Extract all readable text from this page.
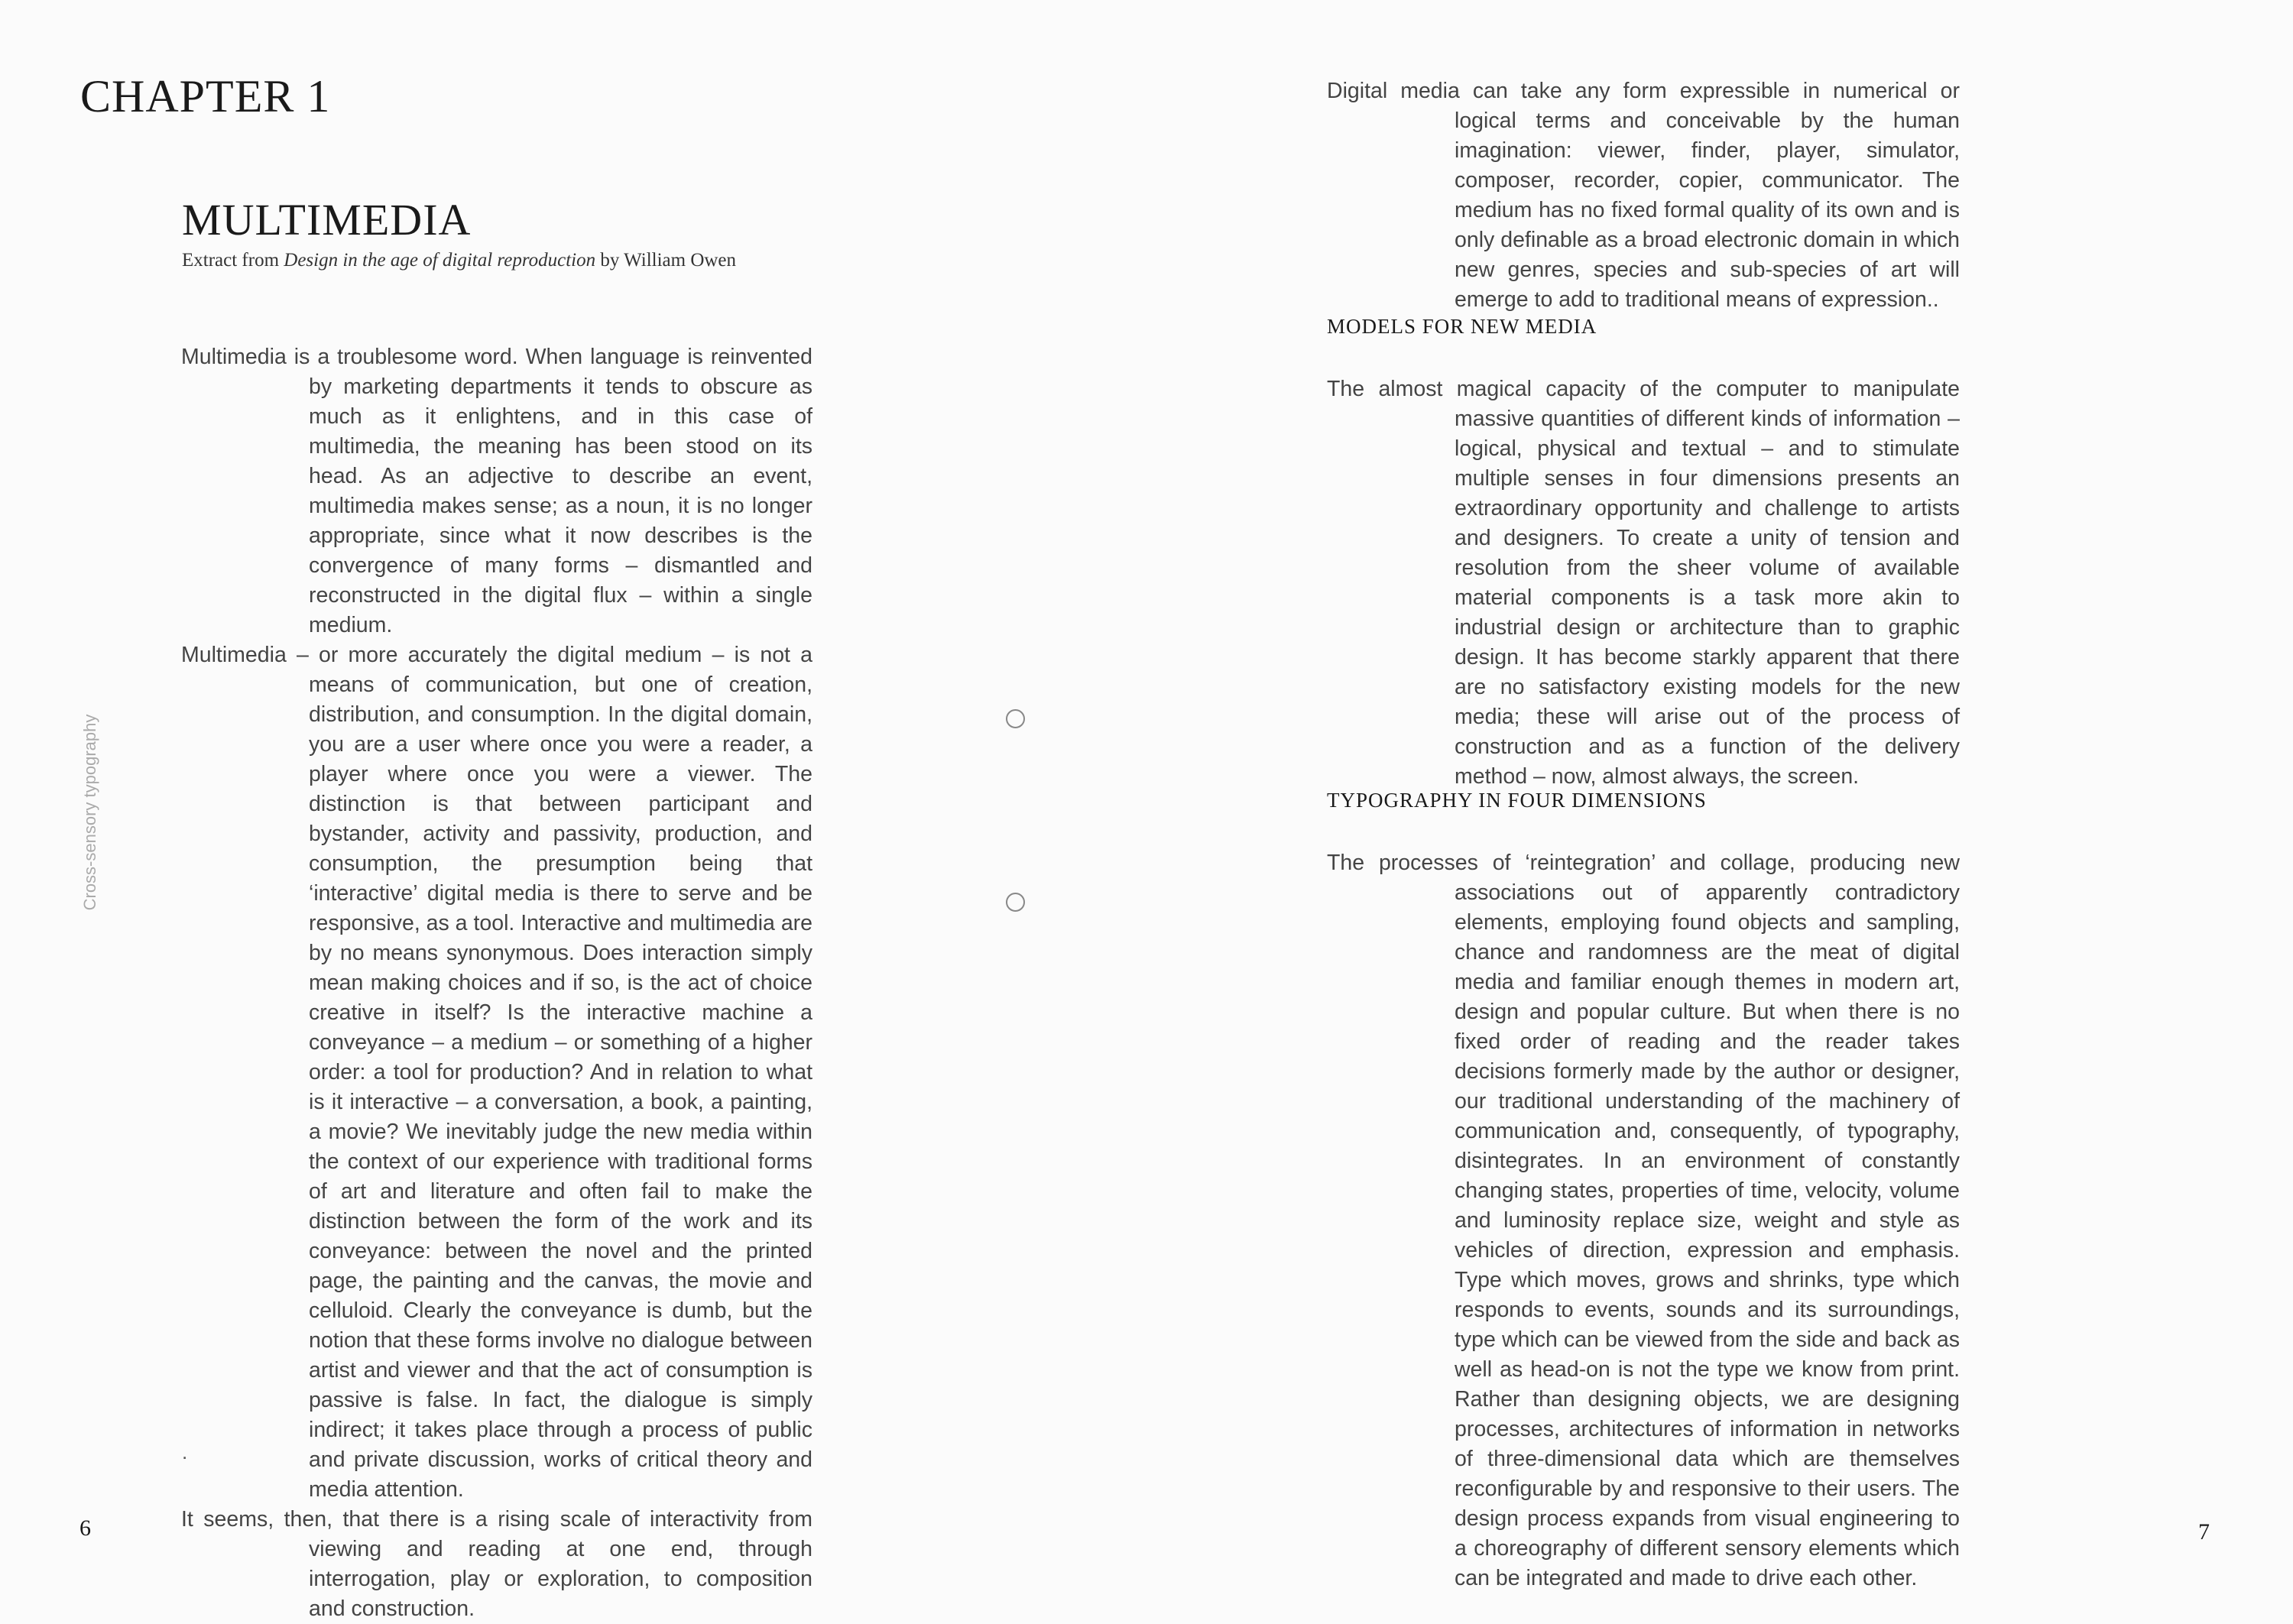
CHAPTER 1
MULTIMEDIA
Extract from Design in the age of digital reproduction by William Owen

Multimedia is a troublesome word. When language is reinvented by marketing departments it tends to obscure as much as it enlightens, and in this case of multimedia, the meaning has been stood on its head. As an adjective to describe an event, multimedia makes sense; as a noun, it is no longer appropriate, since what it now describes is the convergence of many forms – dismantled and reconstructed in the digital flux – within a single medium.

Multimedia – or more accurately the digital medium – is not a means of communication, but one of creation, distribution, and consumption. In the digital domain, you are a user where once you were a reader, a player where once you were a viewer. The distinction is that between participant and bystander, activity and passivity, production, and consumption, the presumption being that ‘interactive’ digital media is there to serve and be responsive, as a tool. Interactive and multimedia are by no means synonymous. Does interaction simply mean making choices and if so, is the act of choice creative in itself? Is the interactive machine a conveyance – a medium – or something of a higher order: a tool for production? And in relation to what is it interactive – a conversation, a book, a painting, a movie? We inevitably judge the new media within the context of our experience with traditional forms of art and literature and often fail to make the distinction between the form of the work and its conveyance: between the novel and the printed page, the painting and the canvas, the movie and celluloid. Clearly the conveyance is dumb, but the notion that these forms involve no dialogue between artist and viewer and that the act of consumption is passive is false. In fact, the dialogue is simply indirect; it takes place through a process of public and private discussion, works of critical theory and media attention.

It seems, then, that there is a rising scale of interactivity from viewing and reading at one end, through interrogation, play or exploration, to composition and construction.

.
6
Cross-sensory typography

Digital media can take any form expressible in numerical or logical terms and conceivable by the human imagination: viewer, finder, player, simulator, composer, recorder, copier, communicator. The medium has no fixed formal quality of its own and is only definable as a broad electronic domain in which new genres, species and sub-species of art will emerge to add to traditional means of expression..

MODELS FOR NEW MEDIA

The almost magical capacity of the computer to manipulate massive quantities of different kinds of information – logical, physical and textual – and to stimulate multiple senses in four dimensions presents an extraordinary opportunity and challenge to artists and designers. To create a unity of tension and resolution from the sheer volume of available material components is a task more akin to industrial design or architecture than to graphic design. It has become starkly apparent that there are no satisfactory existing models for the new media; these will arise out of the process of construction and as a function of the delivery method – now, almost always, the screen.

TYPOGRAPHY IN FOUR DIMENSIONS

The processes of ‘reintegration’ and collage, producing new associations out of apparently contradictory elements, employing found objects and sampling, chance and randomness are the meat of digital media and familiar enough themes in modern art, design and popular culture. But when there is no fixed order of reading and the reader takes decisions formerly made by the author or designer, our traditional understanding of the machinery of communication and, consequently, of typography, disintegrates. In an environment of constantly changing states, properties of time, velocity, volume and luminosity replace size, weight and style as vehicles of direction, expression and emphasis. Type which moves, grows and shrinks, type which responds to events, sounds and its surroundings, type which can be viewed from the side and back as well as head-on is not the type we know from print. Rather than designing objects, we are designing processes, architectures of information in networks of three-dimensional data which are themselves reconfigurable by and responsive to their users. The design process expands from visual engineering to a choreography of different sensory elements which can be integrated and made to drive each other.

7
